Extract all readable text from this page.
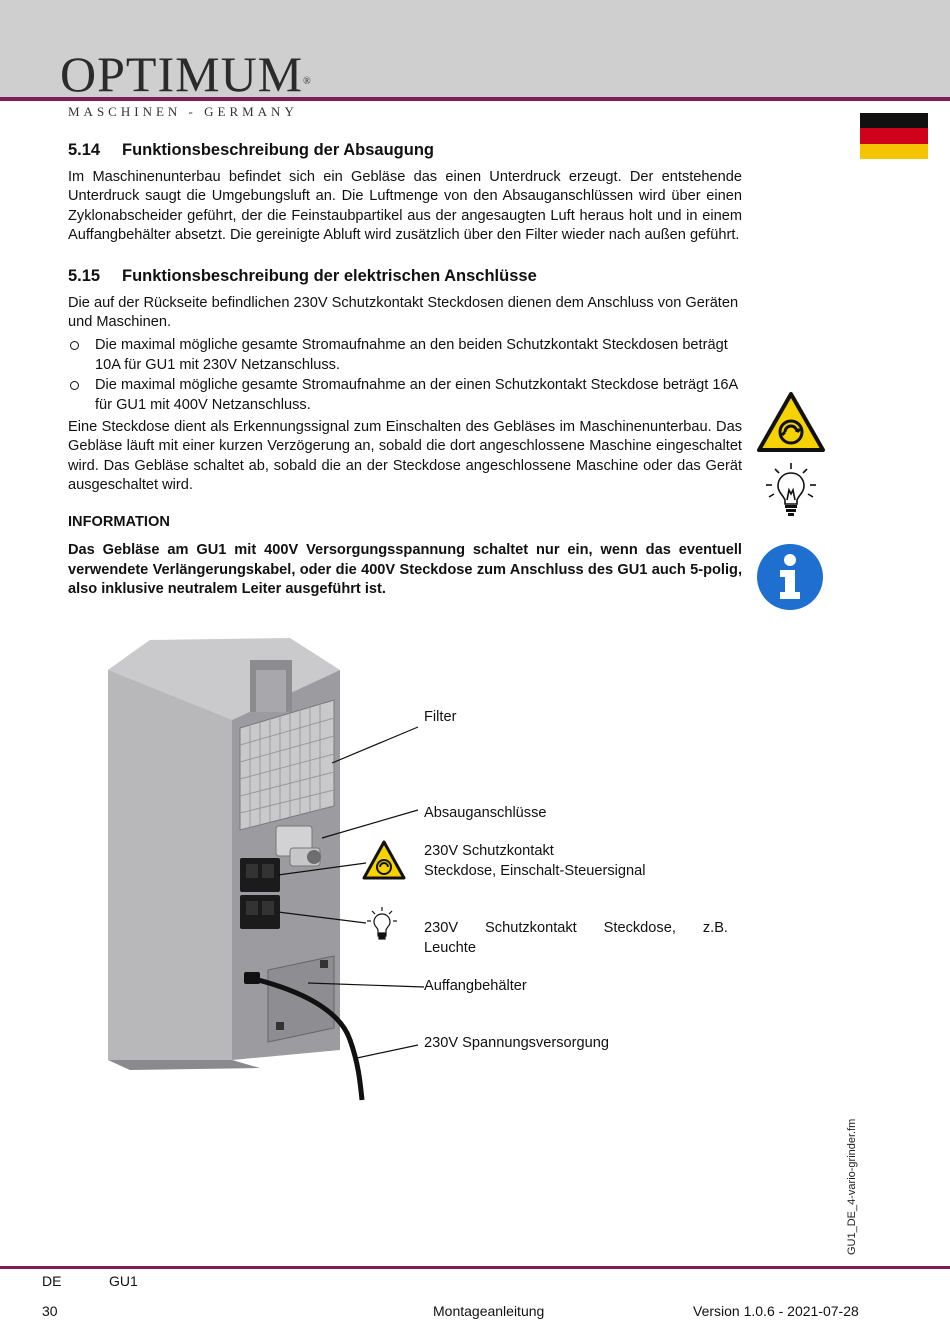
OPTIMUM®
MASCHINEN - GERMANY
5.14 Funktionsbeschreibung der Absaugung

Im Maschinenunterbau befindet sich ein Gebläse das einen Unterdruck erzeugt. Der entstehende Unterdruck saugt die Umgebungsluft an. Die Luftmenge von den Absauganschlüssen wird über einen Zyklonabscheider geführt, der die Feinstaubpartikel aus der angesaugten Luft heraus holt und in einem Auffangbehälter absetzt. Die gereinigte Abluft wird zusätzlich über den Filter wieder nach außen geführt.

5.15 Funktionsbeschreibung der elektrischen Anschlüsse

Die auf der Rückseite befindlichen 230V Schutzkontakt Steckdosen dienen dem Anschluss von Geräten und Maschinen.

Die maximal mögliche gesamte Stromaufnahme an den beiden Schutzkontakt Steckdosen beträgt 10A für GU1 mit 230V Netzanschluss.
Die maximal mögliche gesamte Stromaufnahme an der einen Schutzkontakt Steckdose beträgt 16A für GU1 mit 400V Netzanschluss.

Eine Steckdose dient als Erkennungssignal zum Einschalten des Gebläses im Maschinenunterbau. Das Gebläse läuft mit einer kurzen Verzögerung an, sobald die dort angeschlossene Maschine eingeschaltet wird. Das Gebläse schaltet ab, sobald die an der Steckdose angeschlossene Maschine oder das Gerät ausgeschaltet wird.

INFORMATION

Das Gebläse am GU1 mit 400V Versorgungsspannung schaltet nur ein, wenn das eventuell verwendete Verlängerungskabel, oder die 400V Steckdose zum Anschluss des GU1 auch 5-polig, also inklusive neutralem Leiter ausgeführt ist.

Filter
Absauganschlüsse
230V Schutzkontakt
Steckdose, Einschalt-Steuersignal
230V Schutzkontakt Steckdose, z.B.
Leuchte
Auffangbehälter
230V Spannungsversorgung
GU1_DE_4-vario-grinder.fm
DE	GU1
30	Montageanleitung	Version 1.0.6 - 2021-07-28
